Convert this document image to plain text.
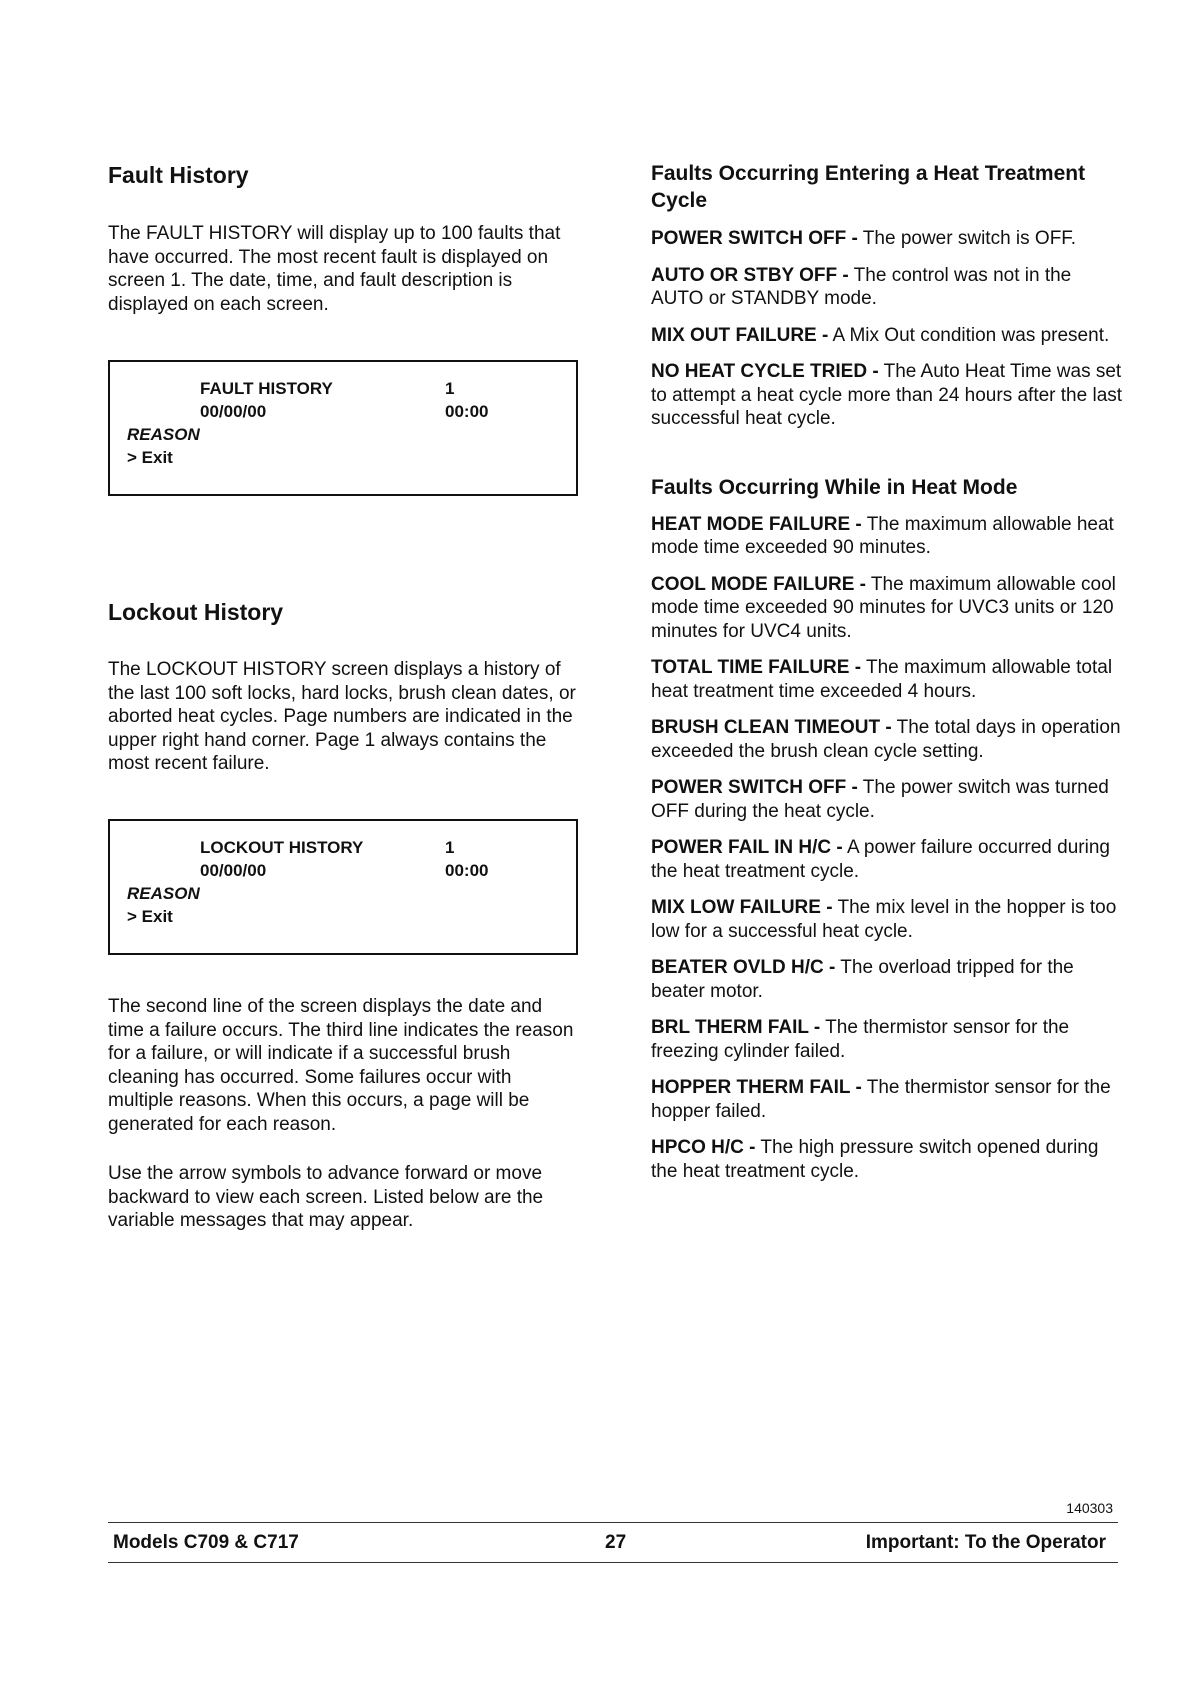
Fault History

The FAULT HISTORY will display up to 100 faults that have occurred. The most recent fault is displayed on screen 1. The date, time, and fault description is displayed on each screen.

FAULT HISTORY	1
00/00/00	00:00
REASON
> Exit
Lockout History

The LOCKOUT HISTORY screen displays a history of the last 100 soft locks, hard locks, brush clean dates, or aborted heat cycles. Page numbers are indicated in the upper right hand corner. Page 1 always contains the most recent failure.

LOCKOUT HISTORY	1
00/00/00	00:00
REASON
> Exit

The second line of the screen displays the date and time a failure occurs. The third line indicates the reason for a failure, or will indicate if a successful brush cleaning has occurred. Some failures occur with multiple reasons. When this occurs, a page will be generated for each reason.

Use the arrow symbols to advance forward or move backward to view each screen. Listed below are the variable messages that may appear.

Faults Occurring Entering a Heat Treatment Cycle

POWER SWITCH OFF - The power switch is OFF.

AUTO OR STBY OFF - The control was not in the AUTO or STANDBY mode.

MIX OUT FAILURE - A Mix Out condition was present.

NO HEAT CYCLE TRIED - The Auto Heat Time was set to attempt a heat cycle more than 24 hours after the last successful heat cycle.

Faults Occurring While in Heat Mode

HEAT MODE FAILURE - The maximum allowable heat mode time exceeded 90 minutes.

COOL MODE FAILURE - The maximum allowable cool mode time exceeded 90 minutes for UVC3 units or 120 minutes for UVC4 units.

TOTAL TIME FAILURE - The maximum allowable total heat treatment time exceeded 4 hours.

BRUSH CLEAN TIMEOUT - The total days in operation exceeded the brush clean cycle setting.

POWER SWITCH OFF - The power switch was turned OFF during the heat cycle.

POWER FAIL IN H/C - A power failure occurred during the heat treatment cycle.

MIX LOW FAILURE - The mix level in the hopper is too low for a successful heat cycle.

BEATER OVLD H/C - The overload tripped for the beater motor.

BRL THERM FAIL - The thermistor sensor for the freezing cylinder failed.

HOPPER THERM FAIL - The thermistor sensor for the hopper failed.

HPCO H/C - The high pressure switch opened during the heat treatment cycle.

140303
Models C709 & C717	27	Important: To the Operator
